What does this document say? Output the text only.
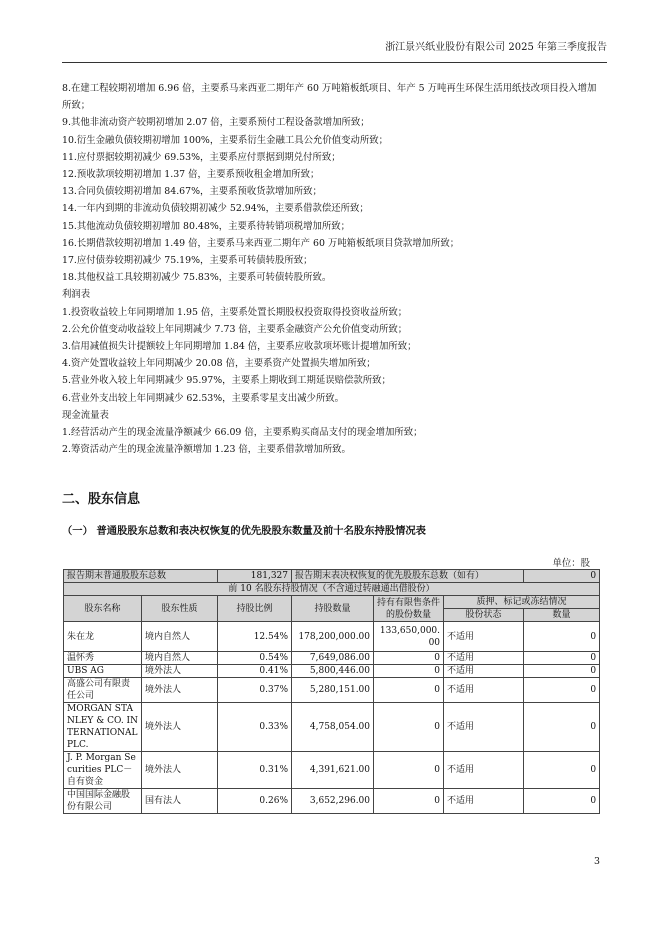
浙江景兴纸业股份有限公司 2025 年第三季度报告
8.在建工程较期初增加 6.96 倍，主要系马来西亚二期年产 60 万吨箱板纸项目、年产 5 万吨再生环保生活用纸技改项目投入增加所致；
9.其他非流动资产较期初增加 2.07 倍，主要系预付工程设备款增加所致；
10.衍生金融负债较期初增加 100%，主要系衍生金融工具公允价值变动所致；
11.应付票据较期初减少 69.53%，主要系应付票据到期兑付所致；
12.预收款项较期初增加 1.37 倍，主要系预收租金增加所致；
13.合同负债较期初增加 84.67%，主要系预收货款增加所致；
14.一年内到期的非流动负债较期初减少 52.94%，主要系借款偿还所致；
15.其他流动负债较期初增加 80.48%，主要系待转销项税增加所致；
16.长期借款较期初增加 1.49 倍，主要系马来西亚二期年产 60 万吨箱板纸项目贷款增加所致；
17.应付债券较期初减少 75.19%，主要系可转债转股所致；
18.其他权益工具较期初减少 75.83%，主要系可转债转股所致。
利润表
1.投资收益较上年同期增加 1.95 倍，主要系处置长期股权投资取得投资收益所致；
2.公允价值变动收益较上年同期减少 7.73 倍，主要系金融资产公允价值变动所致；
3.信用减值损失计提额较上年同期增加 1.84 倍，主要系应收款项坏账计提增加所致；
4.资产处置收益较上年同期减少 20.08 倍，主要系资产处置损失增加所致；
5.营业外收入较上年同期减少 95.97%，主要系上期收到工期延误赔偿款所致；
6.营业外支出较上年同期减少 62.53%，主要系零星支出减少所致。
现金流量表
1.经营活动产生的现金流量净额减少 66.09 倍，主要系购买商品支付的现金增加所致；
2.筹资活动产生的现金流量净额增加 1.23 倍，主要系借款增加所致。
二、股东信息
（一） 普通股股东总数和表决权恢复的优先股股东数量及前十名股东持股情况表
单位：股
报告期末普通股股东总数		181,327	报告期末表决权恢复的优先股股东总数（如有）			0
前 10 名股东持股情况（不含通过转融通出借股份）						
股东名称	股东性质	持股比例	持股数量	持有有限售条件的股份数量	质押、标记或冻结情况	
					股份状态	数量
朱在龙	境内自然人	12.54%	178,200,000.00	133,650,000.00	不适用	0
温怀秀	境内自然人	0.54%	7,649,086.00	0	不适用	0
UBS AG	境外法人	0.41%	5,800,446.00	0	不适用	0
高盛公司有限责任公司	境外法人	0.37%	5,280,151.00	0	不适用	0
MORGAN STANLEY & CO. INTERNATIONAL PLC.	境外法人	0.33%	4,758,054.00	0	不适用	0
J. P. Morgan Securities PLC－自有资金	境外法人	0.31%	4,391,621.00	0	不适用	0
中国国际金融股份有限公司	国有法人	0.26%	3,652,296.00	0	不适用	0
3
